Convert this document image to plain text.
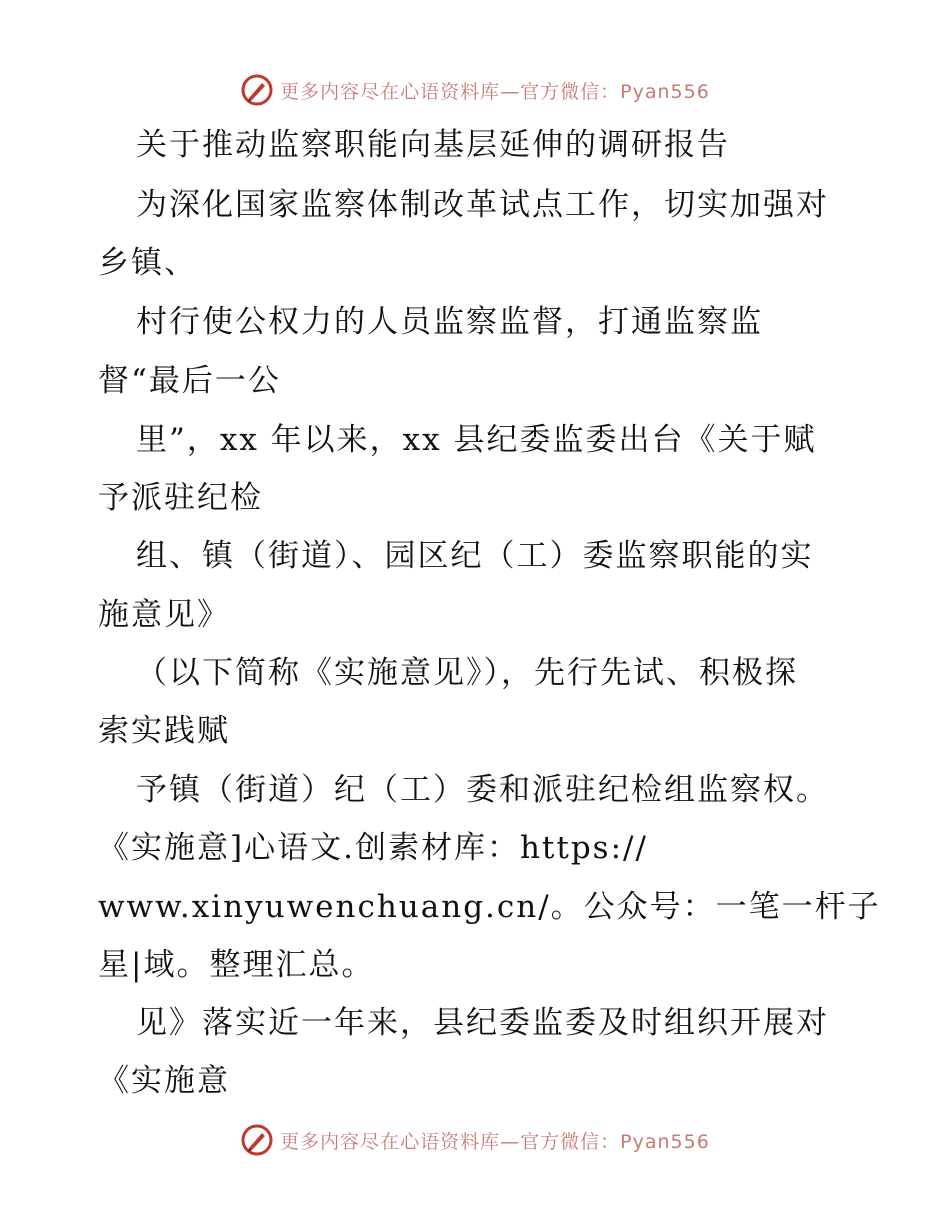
更多内容尽在心语资料库—官方微信：Pyan556
关于推动监察职能向基层延伸的调研报告
为深化国家监察体制改革试点工作，切实加强对
乡镇、
村行使公权力的人员监察监督，打通监察监
督“最后一公
里”，xx 年以来，xx 县纪委监委出台《关于赋
予派驻纪检
组、镇（街道）、园区纪（工）委监察职能的实
施意见》
（以下简称《实施意见》），先行先试、积极探
索实践赋
予镇（街道）纪（工）委和派驻纪检组监察权。
《实施意]心语文.创素材库：https://
www.xinyuwenchuang.cn/。公众号：一笔一杆子
星|域。整理汇总。
见》落实近一年来，县纪委监委及时组织开展对
《实施意
更多内容尽在心语资料库—官方微信：Pyan556
